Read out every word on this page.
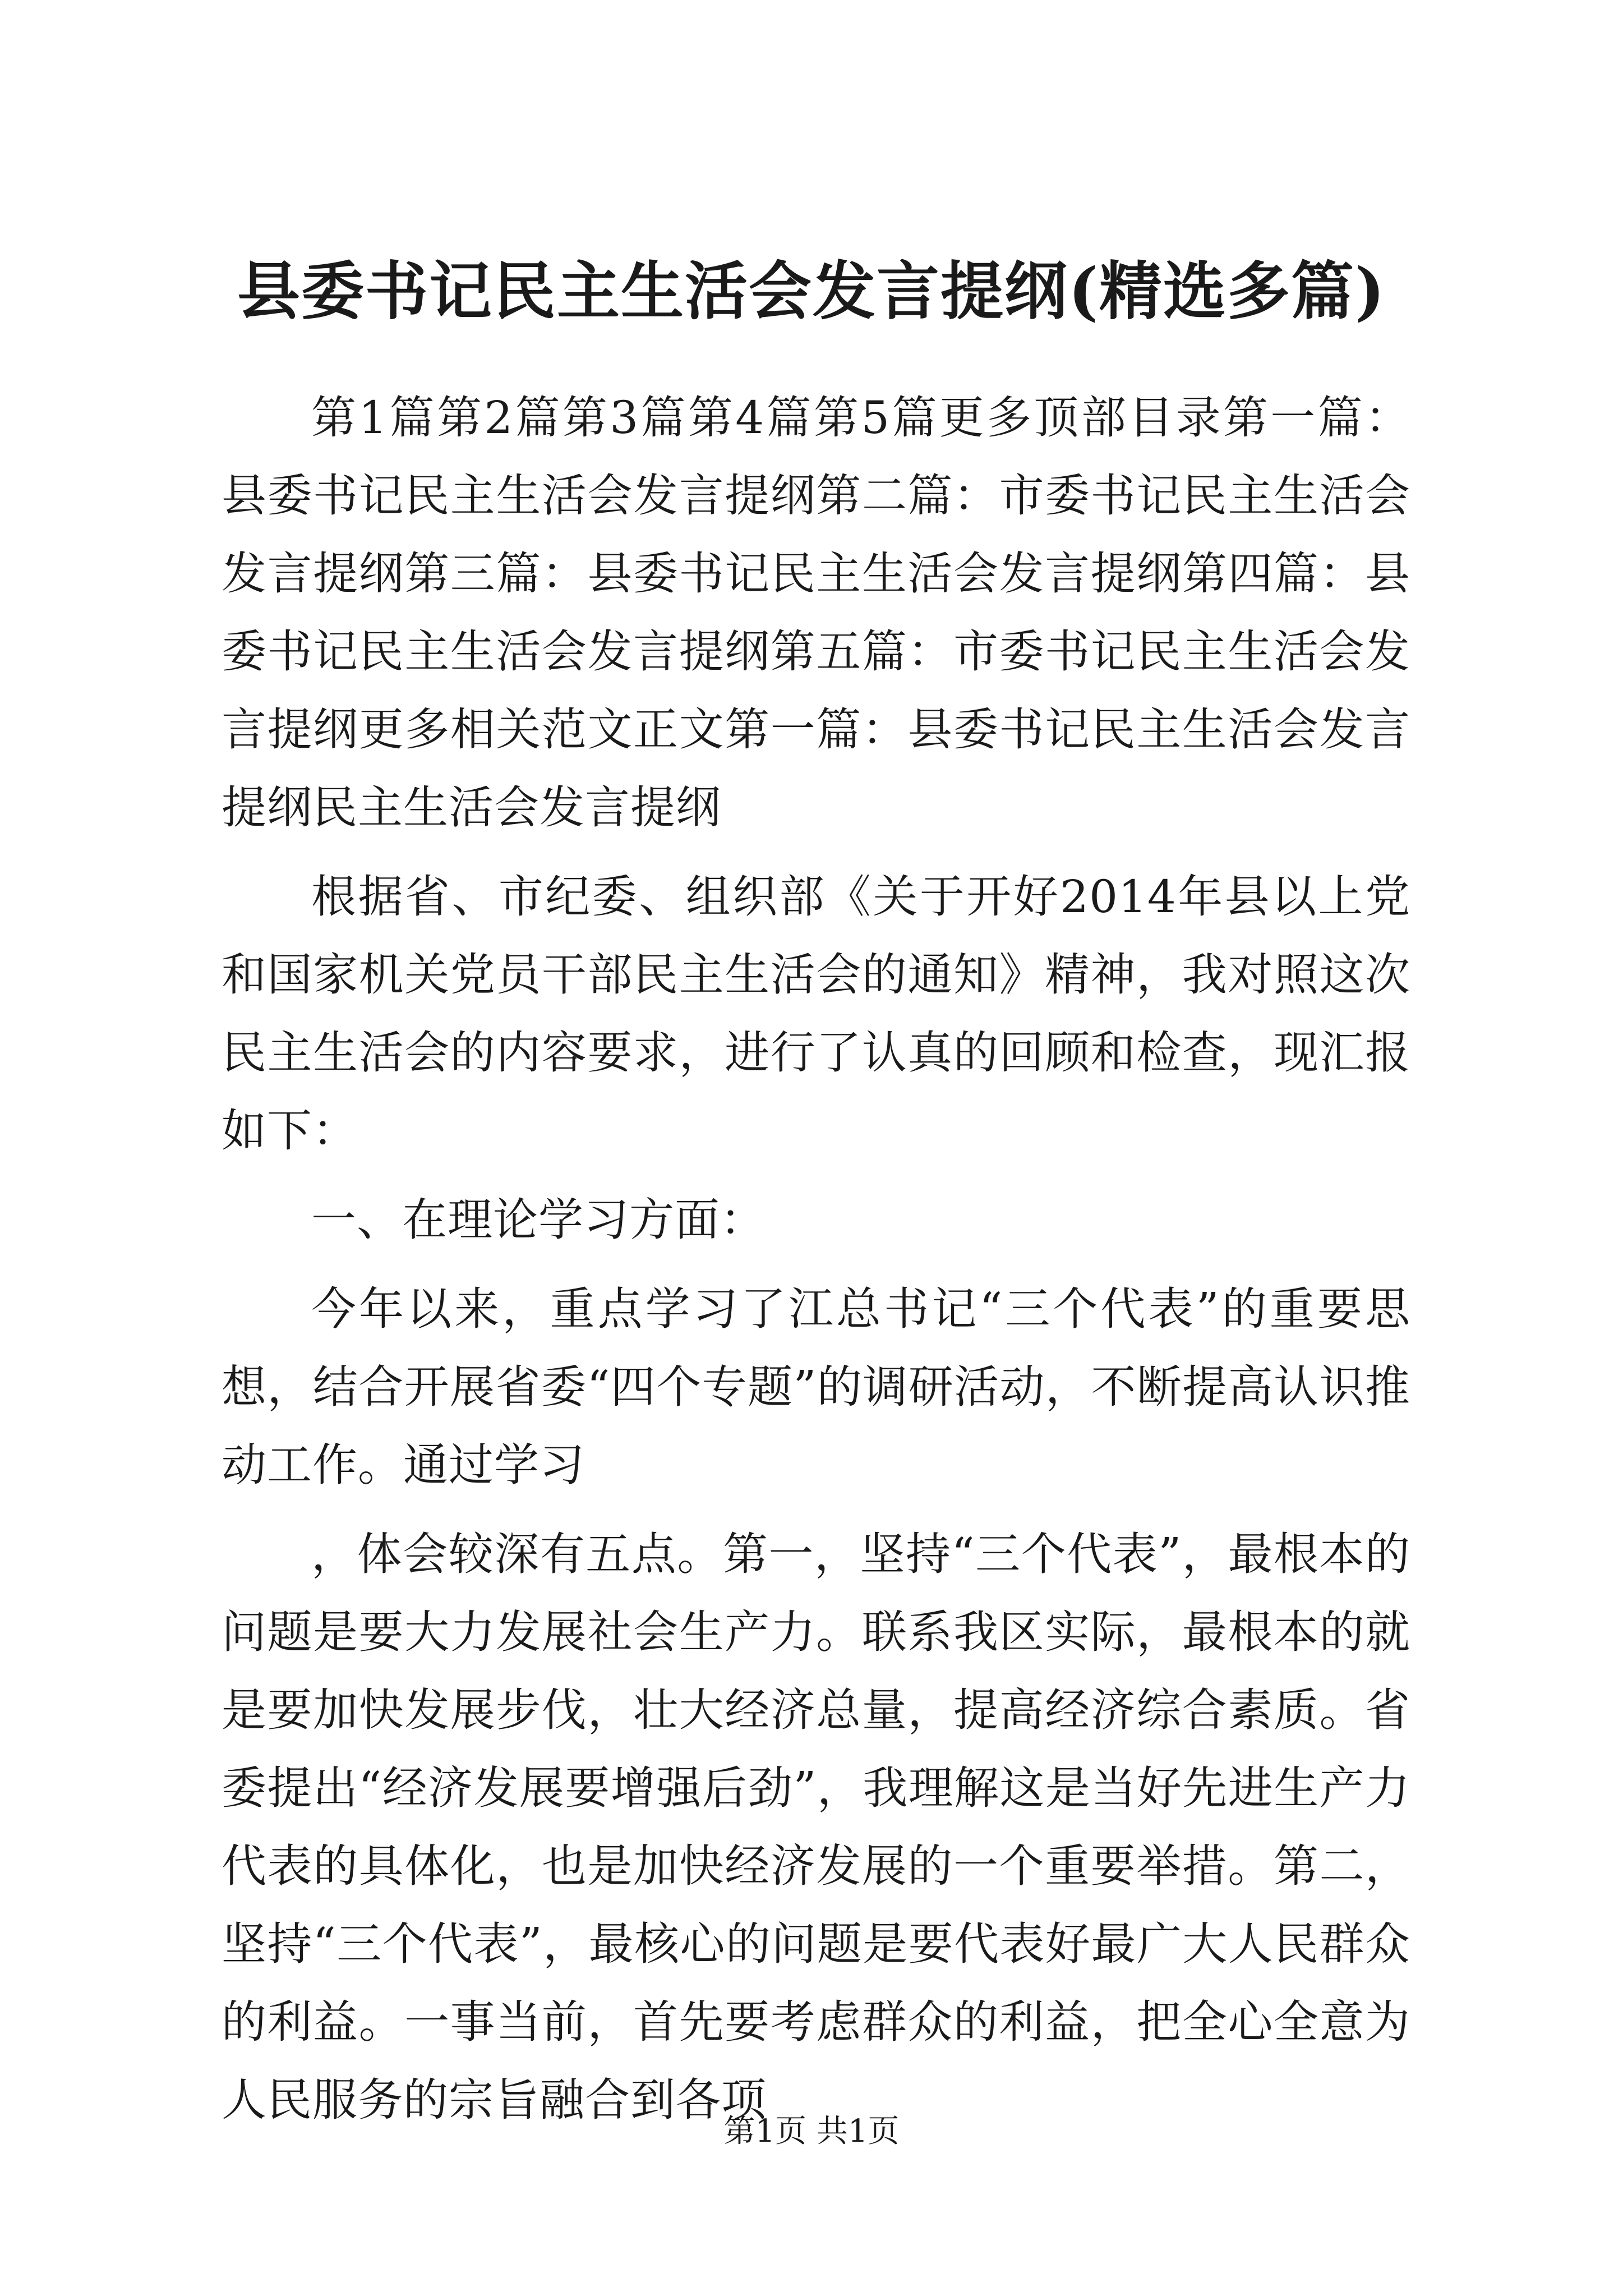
县委书记民主生活会发言提纲(精选多篇)

第1篇第2篇第3篇第4篇第5篇更多顶部目录第一篇：县委书记民主生活会发言提纲第二篇：市委书记民主生活会发言提纲第三篇：县委书记民主生活会发言提纲第四篇：县委书记民主生活会发言提纲第五篇：市委书记民主生活会发言提纲更多相关范文正文第一篇：县委书记民主生活会发言提纲民主生活会发言提纲

根据省、市纪委、组织部《关于开好2014年县以上党和国家机关党员干部民主生活会的通知》精神，我对照这次民主生活会的内容要求，进行了认真的回顾和检查，现汇报如下：

一、在理论学习方面：

今年以来，重点学习了江总书记“三个代表”的重要思想，结合开展省委“四个专题”的调研活动，不断提高认识推动工作。通过学习

，体会较深有五点。第一，坚持“三个代表”，最根本的问题是要大力发展社会生产力。联系我区实际，最根本的就是要加快发展步伐，壮大经济总量，提高经济综合素质。省委提出“经济发展要增强后劲”，我理解这是当好先进生产力代表的具体化，也是加快经济发展的一个重要举措。第二，坚持“三个代表”，最核心的问题是要代表好最广大人民群众的利益。一事当前，首先要考虑群众的利益，把全心全意为人民服务的宗旨融合到各项

第1页 共1页
